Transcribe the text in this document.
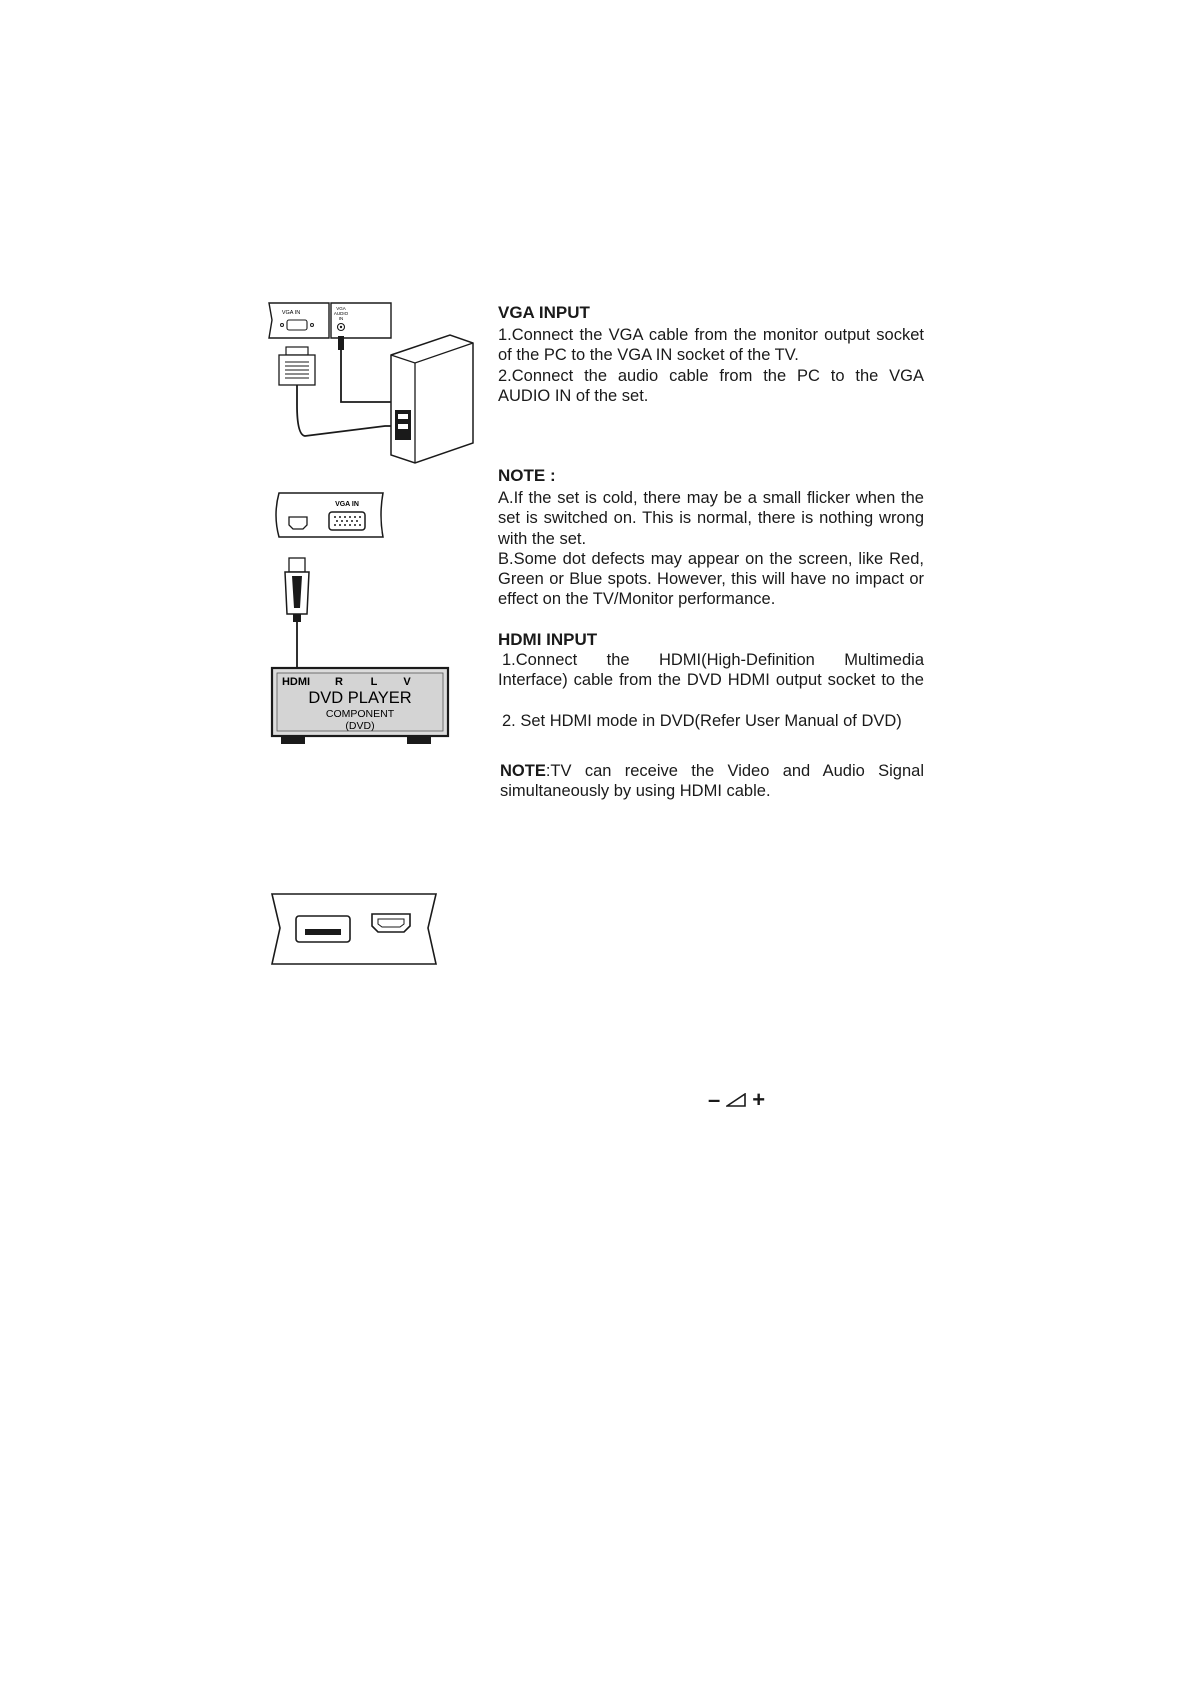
VGA INPUT
1.Connect the VGA cable from the monitor output socket
of the PC to the VGA IN socket of the TV.
2.Connect the audio cable from the PC to the VGA
AUDIO IN of the set.
NOTE :
A.If the set is cold, there may be a small flicker when the
set is switched on. This is normal, there is nothing wrong
with the set.
B.Some dot defects may appear on the screen, like Red,
Green or Blue spots. However, this will have no impact or
effect on the TV/Monitor performance.
HDMI INPUT
1.Connect the HDMI(High-Definition Multimedia
Interface) cable from the DVD HDMI output socket to the
2. Set HDMI mode in DVD(Refer User Manual of DVD)
NOTE :TV can receive the Video and Audio Signal
simultaneously by using HDMI cable.
– +
VGA IN
VGA
AUDIO
IN
VGA IN
HDMI R	L V
DVD PLAYER
COMPONENT
(DVD)
